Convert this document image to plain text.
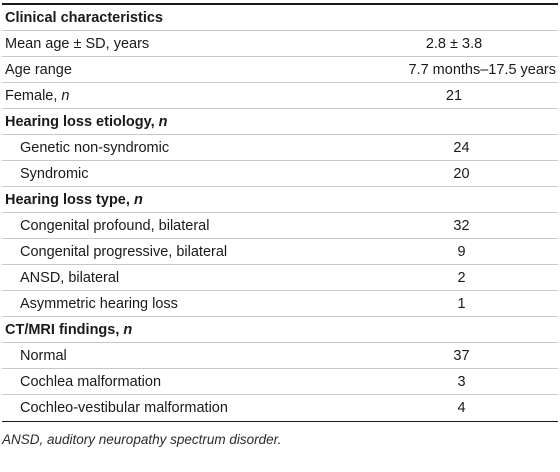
Clinical characteristics
Mean age ± SD, years	2.8 ± 3.8
Age range	7.7 months–17.5 years
Female, n	21
Hearing loss etiology, n
Genetic non-syndromic	24
Syndromic	20
Hearing loss type, n
Congenital profound, bilateral	32
Congenital progressive, bilateral	9
ANSD, bilateral	2
Asymmetric hearing loss	1
CT/MRI findings, n
Normal	37
Cochlea malformation	3
Cochleo-vestibular malformation	4
ANSD, auditory neuropathy spectrum disorder.
